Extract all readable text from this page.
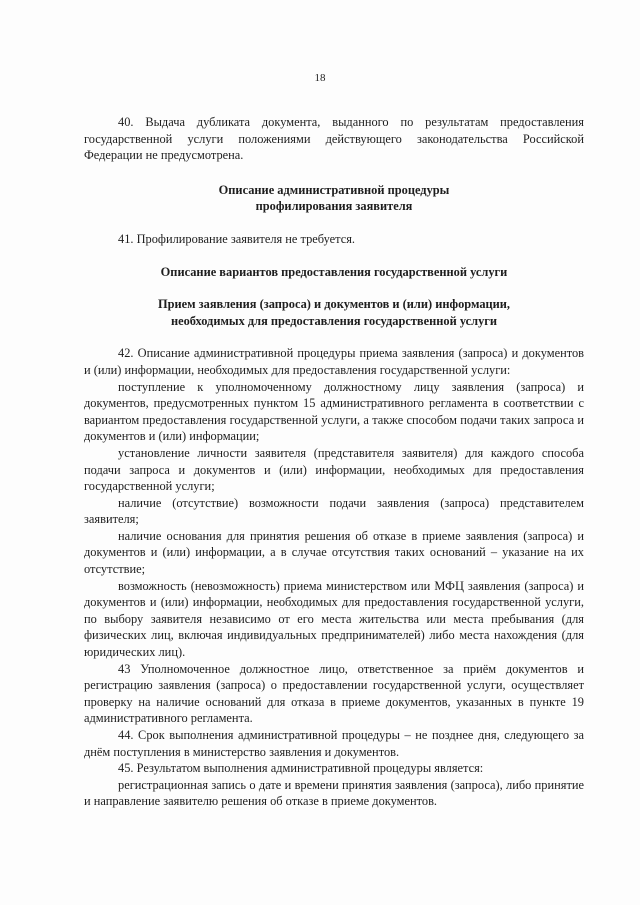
18

40. Выдача дубликата документа, выданного по результатам предоставления государственной услуги положениями действующего законодательства Российской Федерации не предусмотрена.

Описание административной процедуры
профилирования заявителя

41. Профилирование заявителя не требуется.

Описание вариантов предоставления государственной услуги
Прием заявления (запроса) и документов и (или) информации,
необходимых для предоставления государственной услуги

42. Описание административной процедуры приема заявления (запроса) и документов и (или) информации, необходимых для предоставления государственной услуги:

поступление к уполномоченному должностному лицу заявления (запроса) и документов, предусмотренных пунктом 15 административного регламента в соответствии с вариантом предоставления государственной услуги, а также способом подачи таких запроса и документов и (или) информации;

установление личности заявителя (представителя заявителя) для каждого способа подачи запроса и документов и (или) информации, необходимых для предоставления государственной услуги;

наличие (отсутствие) возможности подачи заявления (запроса) представителем заявителя;

наличие основания для принятия решения об отказе в приеме заявления (запроса) и документов и (или) информации, а в случае отсутствия таких оснований – указание на их отсутствие;

возможность (невозможность) приема министерством или МФЦ заявления (запроса) и документов и (или) информации, необходимых для предоставления государственной услуги, по выбору заявителя независимо от его места жительства или места пребывания (для физических лиц, включая индивидуальных предпринимателей) либо места нахождения (для юридических лиц).

43 Уполномоченное должностное лицо, ответственное за приём документов и регистрацию заявления (запроса) о предоставлении государственной услуги, осуществляет проверку на наличие оснований для отказа в приеме документов, указанных в пункте 19 административного регламента.

44. Срок выполнения административной процедуры – не позднее дня, следующего за днём поступления в министерство заявления и документов.

45. Результатом выполнения административной процедуры является:

регистрационная запись о дате и времени принятия заявления (запроса), либо принятие и направление заявителю решения об отказе в приеме документов.
